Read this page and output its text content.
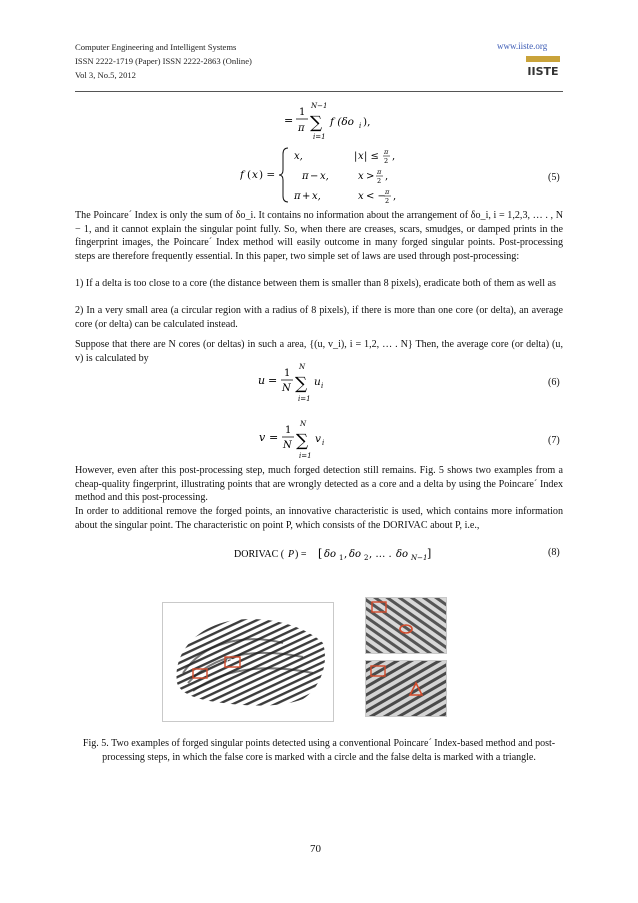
Computer Engineering and Intelligent Systems
ISSN 2222-1719 (Paper) ISSN 2222-2863 (Online)
Vol 3, No.5, 2012
www.iiste.org
IISTE
=
1
π
N−1
∑
i=1
f (δo i ),
f ( x ) =
x,	| x | ≤ π
2 ,
π − x,	x > π
2 ,
π + x,	x < − π
2 ,
(5)
The Poincare´ Index is only the sum of δo_i. It contains no information about the arrangement of δo_i, i = 1,2,3, … . , N − 1, and it cannot explain the singular point fully. So, when there are creases, scars, smudges, or damped prints in the fingerprint images, the Poincare´ Index method will easily outcome in many forged singular points. Post-processing steps are therefore frequently essential. In this paper, two simple set of laws are used through post-processing:
1) If a delta is too close to a core (the distance between them is smaller than 8 pixels), eradicate both of them as well as
2) In a very small area (a circular region with a radius of 8 pixels), if there is more than one core (or delta), an average core (or delta) can be calculated instead.
Suppose that there are N cores (or deltas) in such a area, {(u, v_i), i = 1,2, … . N} Then, the average core (or delta) (u, v) is calculated by
u =
1
N
N
∑
i=1
u i	(6)
v =
1
N
N
∑
i=1
v i	(7)
However, even after this post-processing step, much forged detection still remains. Fig. 5 shows two examples from a cheap-quality fingerprint, illustrating points that are wrongly detected as a core and a delta by using the Poincare´ Index method and this post-processing.
In order to additional remove the forged points, an innovative characteristic is used, which contains more information about the singular point. The characteristic on point P, which consists of the DORIVAC about P, i.e.,
DORIVAC ( P ) = [ δo 1 , δo 2 , … . δo N−1 ]	(8)
Fig. 5. Two examples of forged singular points detected using a conventional Poincare´ Index-based method and post-processing steps, in which the false core is marked with a circle and the false delta is marked with a triangle.
70
